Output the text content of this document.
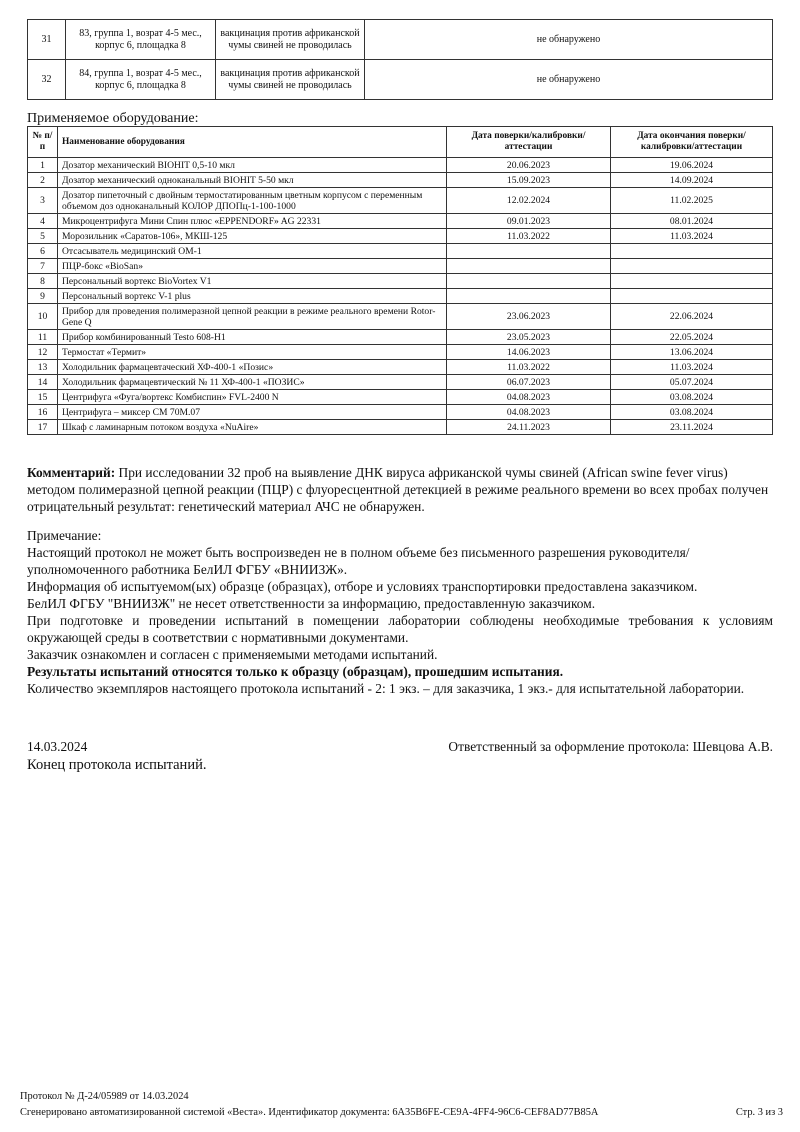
31	83, группа 1, возрат 4-5 мес., корпус 6, площадка 8	вакцинация против африканской чумы свиней не проводилась	не обнаружено
32	84, группа 1, возрат 4-5 мес., корпус 6, площадка 8	вакцинация против африканской чумы свиней не проводилась	не обнаружено
Применяемое оборудование:
№ п/п	Наименование оборудования	Дата поверки/калибровки/аттестации	Дата окончания поверки/калибровки/аттестации
1	Дозатор механический BIOHIT 0,5-10 мкл	20.06.2023	19.06.2024
2	Дозатор механический одноканальный BIOHIT 5-50 мкл	15.09.2023	14.09.2024
3	Дозатор пипеточный с двойным термостатированным цветным корпусом с переменным объемом доз одноканальный КОЛОР ДПОПц-1-100-1000	12.02.2024	11.02.2025
4	Микроцентрифуга Мини Спин плюс «EPPENDORF» AG 22331	09.01.2023	08.01.2024
5	Морозильник «Саратов-106», МКШ-125	11.03.2022	11.03.2024
6	Отсасыватель медицинский ОМ-1		
7	ПЦР-бокс «BioSan»		
8	Персональный вортекс BioVortex V1		
9	Персональный вортекс V-1 plus		
10	Прибор для проведения полимеразной цепной реакции в режиме реального времени Rotor-Gene Q	23.06.2023	22.06.2024
11	Прибор комбинированный Testo 608-H1	23.05.2023	22.05.2024
12	Термостат «Термит»	14.06.2023	13.06.2024
13	Холодильник фармацевтаческий ХФ-400-1 «Позис»	11.03.2022	11.03.2024
14	Холодильник фармацевтический № 11 ХФ-400-1 «ПОЗИС»	06.07.2023	05.07.2024
15	Центрифуга «Фуга/вортекс Комбиспин» FVL-2400 N	04.08.2023	03.08.2024
16	Центрифуга – миксер СМ 70М.07	04.08.2023	03.08.2024
17	Шкаф с ламинарным потоком воздуха «NuAire»	24.11.2023	23.11.2024
Комментарий: При исследовании 32 проб на выявление ДНК вируса африканской чумы свиней (African swine fever virus) методом полимеразной цепной реакции (ПЦР) с флуоресцентной детекцией в режиме реального времени во всех пробах получен отрицательный результат: генетический материал АЧС не обнаружен.
Примечание:
Настоящий протокол не может быть воспроизведен не в полном объеме без письменного разрешения руководителя/уполномоченного работника БелИЛ ФГБУ «ВНИИЗЖ».
Информация об испытуемом(ых) образце (образцах), отборе и условиях транспортировки предоставлена заказчиком.
БелИЛ ФГБУ "ВНИИЗЖ" не несет ответственности за информацию, предоставленную заказчиком.
При подготовке и проведении испытаний в помещении лаборатории соблюдены необходимые требования к условиям окружающей среды в соответствии с нормативными документами.
Заказчик ознакомлен и согласен с применяемыми методами испытаний.
Результаты испытаний относятся только к образцу (образцам), прошедшим испытания.
Количество экземпляров настоящего протокола испытаний - 2: 1 экз. – для заказчика, 1 экз.- для испытательной лаборатории.
14.03.2024	Ответственный за оформление протокола: Шевцова А.В.
Конец протокола испытаний.
Протокол № Д-24/05989 от 14.03.2024
Сгенерировано автоматизированной системой «Веста». Идентификатор документа: 6A35B6FE-CE9A-4FF4-96C6-CEF8AD77B85A	Стр. 3 из 3
